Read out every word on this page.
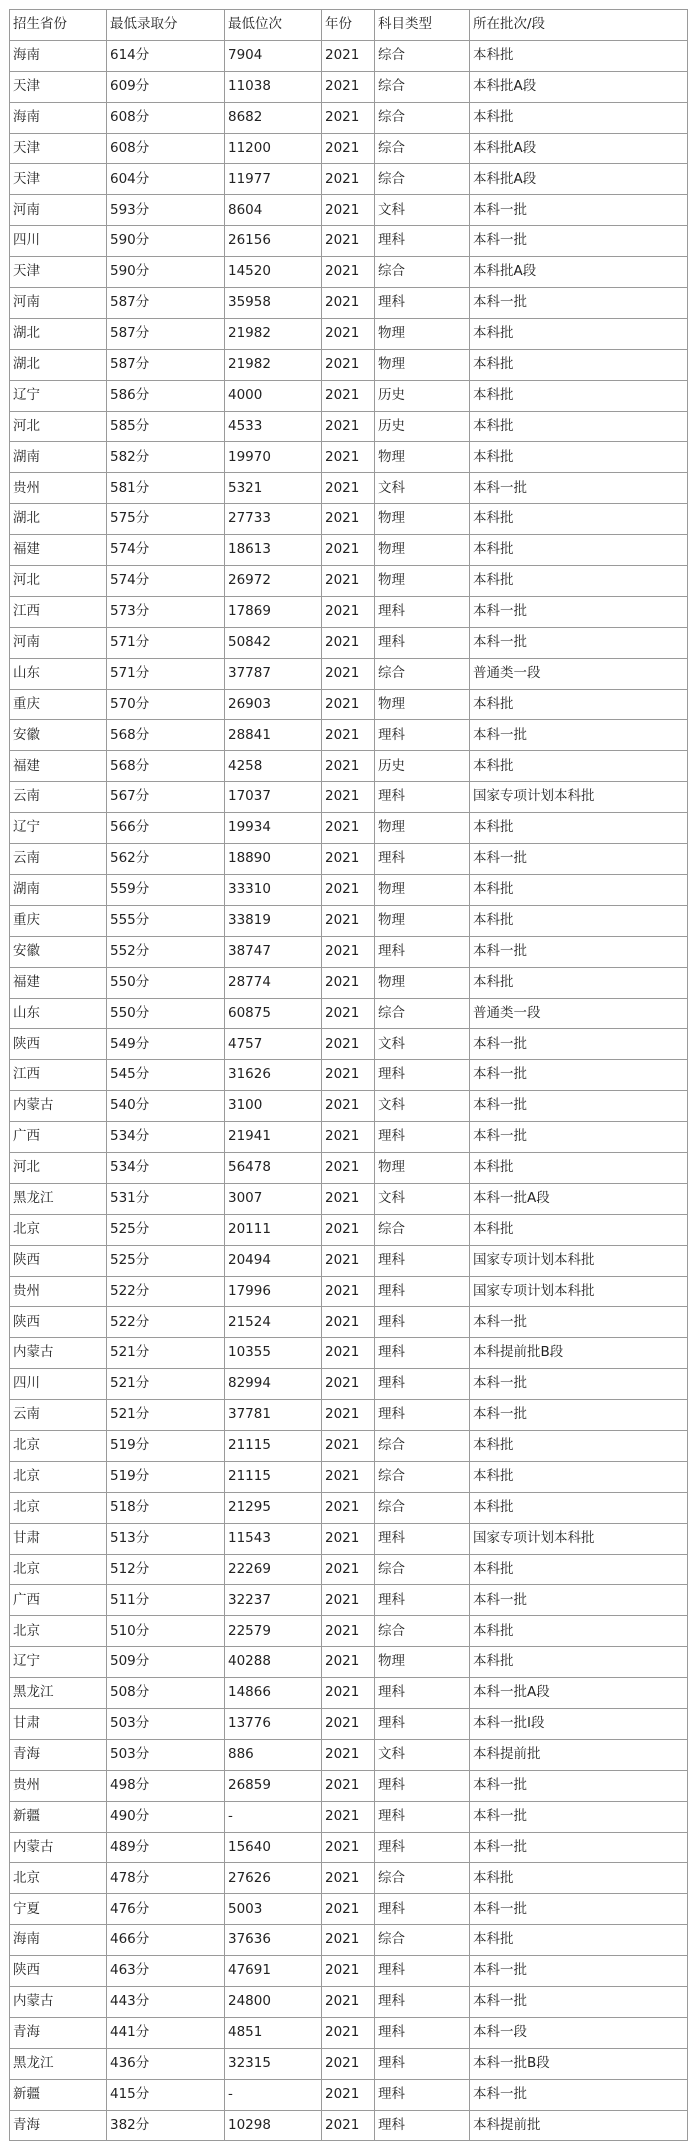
招生省份	最低录取分	最低位次	年份	科目类型	所在批次/段
海南	614分	7904	2021	综合	本科批
天津	609分	11038	2021	综合	本科批A段
海南	608分	8682	2021	综合	本科批
天津	608分	11200	2021	综合	本科批A段
天津	604分	11977	2021	综合	本科批A段
河南	593分	8604	2021	文科	本科一批
四川	590分	26156	2021	理科	本科一批
天津	590分	14520	2021	综合	本科批A段
河南	587分	35958	2021	理科	本科一批
湖北	587分	21982	2021	物理	本科批
湖北	587分	21982	2021	物理	本科批
辽宁	586分	4000	2021	历史	本科批
河北	585分	4533	2021	历史	本科批
湖南	582分	19970	2021	物理	本科批
贵州	581分	5321	2021	文科	本科一批
湖北	575分	27733	2021	物理	本科批
福建	574分	18613	2021	物理	本科批
河北	574分	26972	2021	物理	本科批
江西	573分	17869	2021	理科	本科一批
河南	571分	50842	2021	理科	本科一批
山东	571分	37787	2021	综合	普通类一段
重庆	570分	26903	2021	物理	本科批
安徽	568分	28841	2021	理科	本科一批
福建	568分	4258	2021	历史	本科批
云南	567分	17037	2021	理科	国家专项计划本科批
辽宁	566分	19934	2021	物理	本科批
云南	562分	18890	2021	理科	本科一批
湖南	559分	33310	2021	物理	本科批
重庆	555分	33819	2021	物理	本科批
安徽	552分	38747	2021	理科	本科一批
福建	550分	28774	2021	物理	本科批
山东	550分	60875	2021	综合	普通类一段
陕西	549分	4757	2021	文科	本科一批
江西	545分	31626	2021	理科	本科一批
内蒙古	540分	3100	2021	文科	本科一批
广西	534分	21941	2021	理科	本科一批
河北	534分	56478	2021	物理	本科批
黑龙江	531分	3007	2021	文科	本科一批A段
北京	525分	20111	2021	综合	本科批
陕西	525分	20494	2021	理科	国家专项计划本科批
贵州	522分	17996	2021	理科	国家专项计划本科批
陕西	522分	21524	2021	理科	本科一批
内蒙古	521分	10355	2021	理科	本科提前批B段
四川	521分	82994	2021	理科	本科一批
云南	521分	37781	2021	理科	本科一批
北京	519分	21115	2021	综合	本科批
北京	519分	21115	2021	综合	本科批
北京	518分	21295	2021	综合	本科批
甘肃	513分	11543	2021	理科	国家专项计划本科批
北京	512分	22269	2021	综合	本科批
广西	511分	32237	2021	理科	本科一批
北京	510分	22579	2021	综合	本科批
辽宁	509分	40288	2021	物理	本科批
黑龙江	508分	14866	2021	理科	本科一批A段
甘肃	503分	13776	2021	理科	本科一批I段
青海	503分	886	2021	文科	本科提前批
贵州	498分	26859	2021	理科	本科一批
新疆	490分	-	2021	理科	本科一批
内蒙古	489分	15640	2021	理科	本科一批
北京	478分	27626	2021	综合	本科批
宁夏	476分	5003	2021	理科	本科一批
海南	466分	37636	2021	综合	本科批
陕西	463分	47691	2021	理科	本科一批
内蒙古	443分	24800	2021	理科	本科一批
青海	441分	4851	2021	理科	本科一段
黑龙江	436分	32315	2021	理科	本科一批B段
新疆	415分	-	2021	理科	本科一批
青海	382分	10298	2021	理科	本科提前批
